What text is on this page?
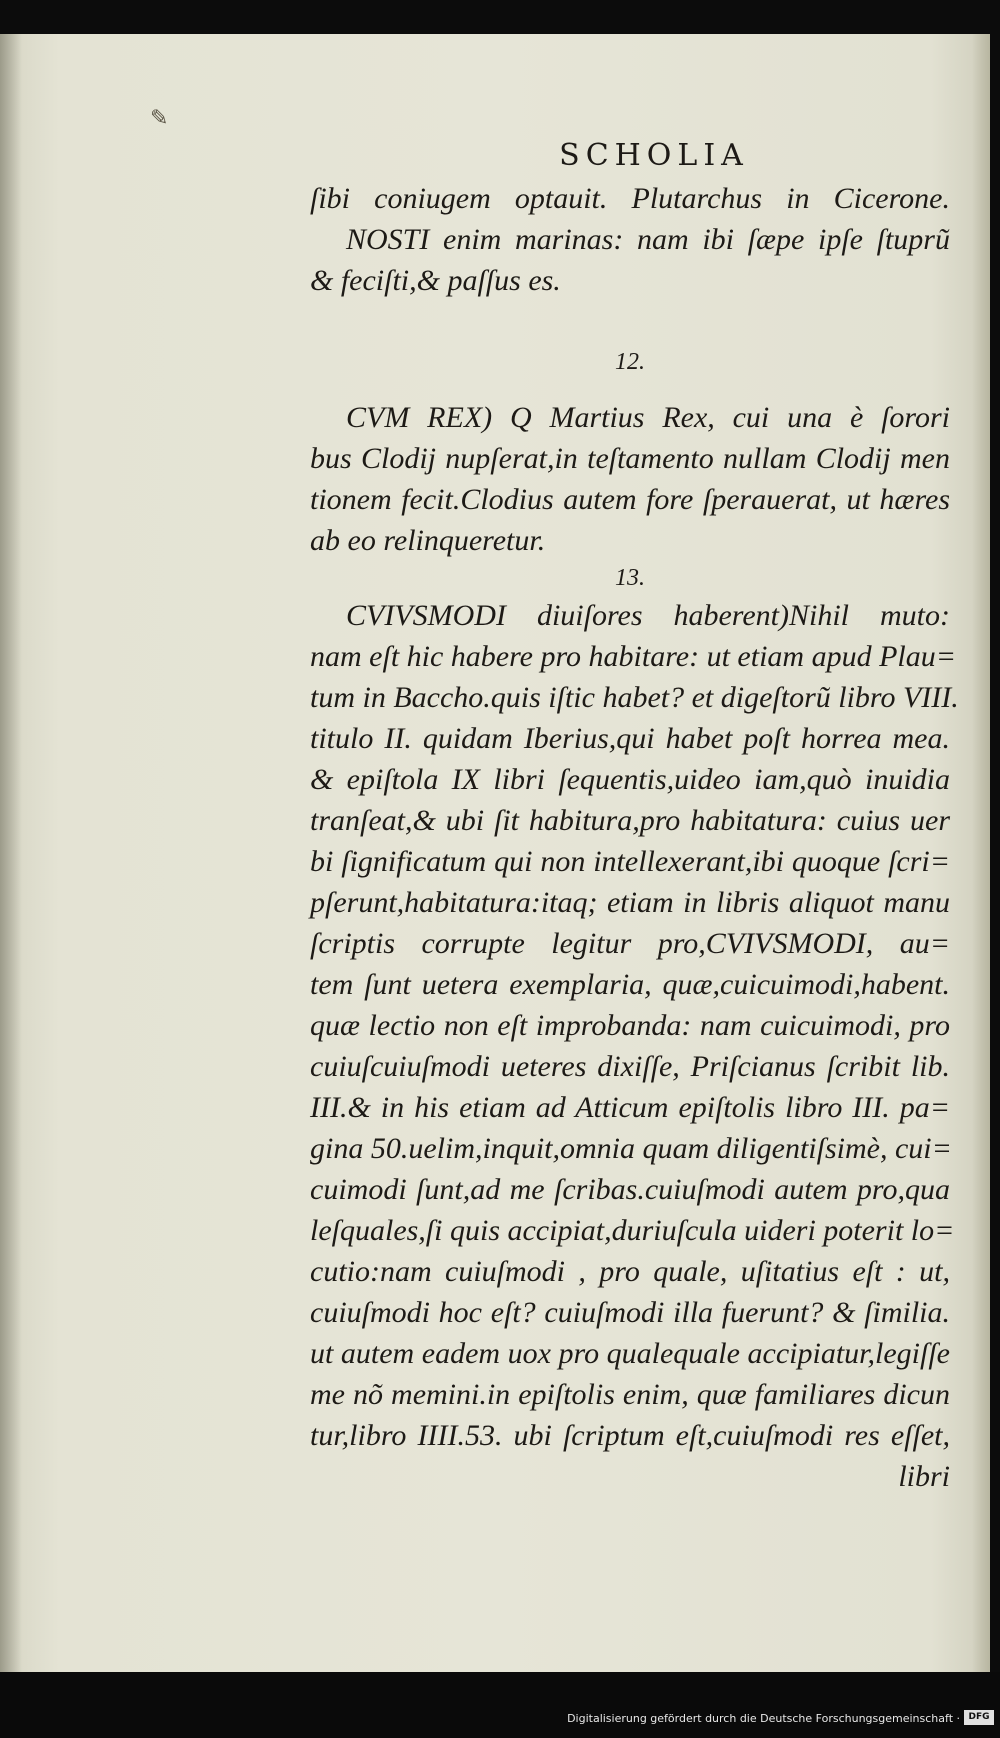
✎
SCHOLIA
ſibi coniugem optauit. Plutarchus in Cicerone.
NOSTI enim marinas: nam ibi ſæpe ipſe ſtuprũ
& feciſti,& paſſus es.
12.
CVM REX) Q Martius Rex, cui una è ſorori
bus Clodij nupſerat,in teſtamento nullam Clodij men
tionem fecit.Clodius autem fore ſperauerat, ut hæres
ab eo relinqueretur.
13.
CVIVSMODI diuiſores haberent)Nihil muto:
nam eſt hic habere pro habitare: ut etiam apud Plau=
tum in Baccho.quis iſtic habet? et digeſtorũ libro VIII.
titulo II. quidam Iberius,qui habet poſt horrea mea.
& epiſtola IX libri ſequentis,uideo iam,quò inuidia
tranſeat,& ubi ſit habitura,pro habitatura: cuius uer
bi ſignificatum qui non intellexerant,ibi quoque ſcri=
pſerunt,habitatura:itaq; etiam in libris aliquot manu
ſcriptis corrupte legitur pro,CVIVSMODI, au=
tem ſunt uetera exemplaria, quæ,cuicuimodi,habent.
quæ lectio non eſt improbanda: nam cuicuimodi, pro
cuiuſcuiuſmodi ueteres dixiſſe, Priſcianus ſcribit lib.
III.& in his etiam ad Atticum epiſtolis libro III. pa=
gina 50.uelim,inquit,omnia quam diligentiſsimè, cui=
cuimodi ſunt,ad me ſcribas.cuiuſmodi autem pro,qua
leſquales,ſi quis accipiat,duriuſcula uideri poterit lo=
cutio:nam cuiuſmodi , pro quale, uſitatius eſt : ut,
cuiuſmodi hoc eſt? cuiuſmodi illa fuerunt? & ſimilia.
ut autem eadem uox pro qualequale accipiatur,legiſſe
me nõ memini.in epiſtolis enim, quæ familiares dicun
tur,libro IIII.53. ubi ſcriptum eſt,cuiuſmodi res eſſet,
libri
Digitalisierung gefördert durch die Deutsche Forschungsgemeinschaft · DFG
